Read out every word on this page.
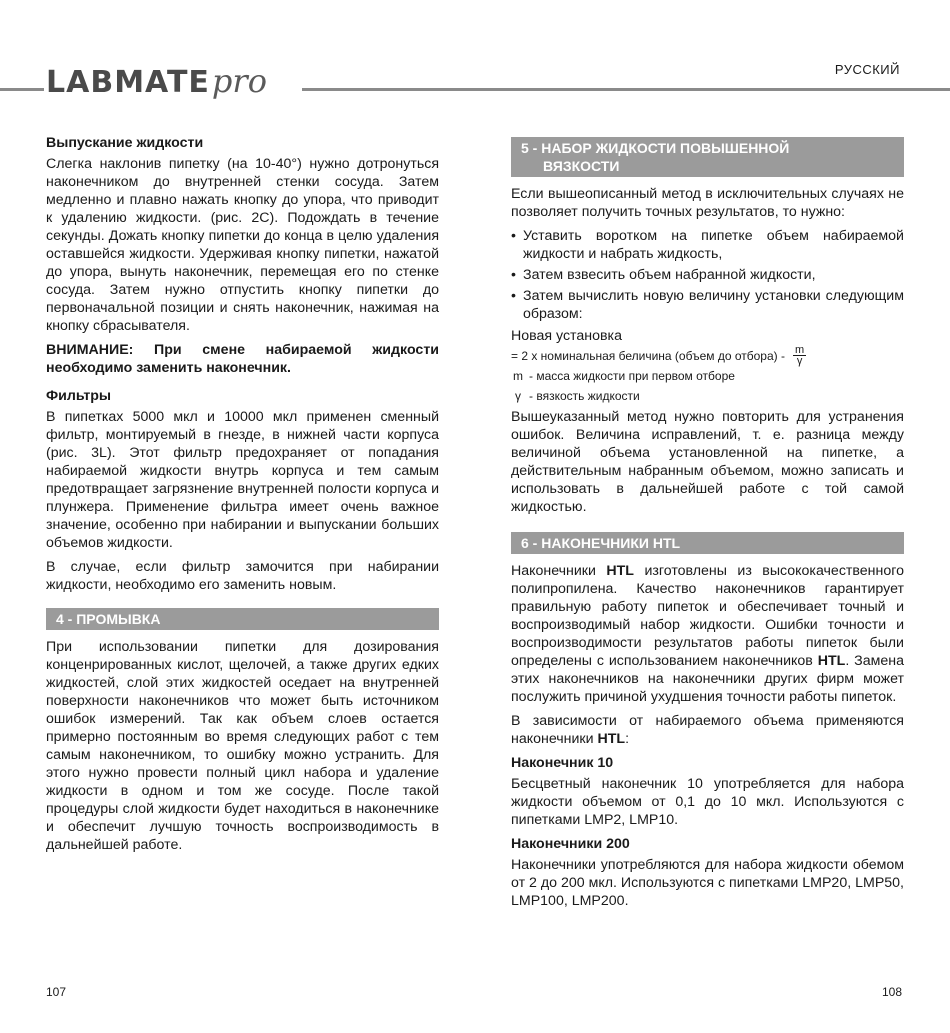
LABMATE pro	РУССКИЙ
Выпускание жидкости

Слегка наклонив пипетку (на 10-40°) нужно дотронуться наконечником до внутренней стенки сосуда. Затем медленно и плавно нажать кнопку до упора, что приводит к удалению жидкости. (рис. 2C). Подождать в течение секунды. Дожать кнопку пипетки до конца в целю удаления оставшейся жидкости. Удерживая кнопку пипетки, нажатой до упора, вынуть наконечник, перемещая его по стенке сосуда. Затем нужно отпустить кнопку пипетки до первоначальной позиции и снять наконечник, нажимая на кнопку сбрасывателя.

ВНИМАНИЕ: При смене набираемой жидкости необходимо заменить наконечник.

Фильтры

В пипетках 5000 мкл и 10000 мкл применен сменный фильтр, монтируемый в гнезде, в нижней части корпуса (рис. 3L). Этот фильтр предохраняет от попадания набираемой жидкости внутрь корпуса и тем самым предотвращает загрязнение внутренней полости корпуса и плунжера. Применение фильтра имеет очень важное значение, особенно при набирании и выпускании больших объемов жидкости.

В случае, если фильтр замочится при набирании жидкости, необходимо его заменить новым.

4 - ПРОМЫВКА

При использовании пипетки для дозирования конценрированных кислот, щелочей, а также других едких жидкостей, слой этих жидкостей оседает на внутренней поверхности наконечников что может быть источником ошибок измерений. Так как объем слоев остается примерно постоянным во время следующих работ с тем самым наконечником, то ошибку можно устранить. Для этого нужно провести полный цикл набора и удаление жидкости в одном и том же сосуде. После такой процедуры слой жидкости будет находиться в наконечнике и обеспечит лучшую точность воспроизводимость в дальнейшей работе.

5 - НАБОР ЖИДКОСТИ ПОВЫШЕННОЙ
ВЯЗКОСТИ

Если вышеописанный метод в исключительных случаях не позволяет получить точных результатов, то нужно:

• Уставить воротком на пипетке объем набираемой жидкости и набрать жидкость,
• Затем взвесить объем набранной жидкости,
• Затем вычислить новую величину установки следующим образом:
Новая установка
= 2 x номинальная беличина (объем до отбора) - $\frac{m}{\gamma}$
m - масса жидкости при первом отборе
γ - вязкость жидкости

Вышеуказанный метод нужно повторить для устранения ошибок. Величина исправлений, т. е. разница между величиной объема установленной на пипетке, а действительным набранным объемом, можно записать и использовать в дальнейшей работе с той самой жидкостью.

6 - НАКОНЕЧНИКИ HTL

Наконечники HTL изготовлены из высококачественного полипропилена. Качество наконечников гарантирует правильную работу пипеток и обеспечивает точный и воспроизводимый набор жидкости. Ошибки точности и воспроизводимости результатов работы пипеток были определены с использованием наконечников HTL. Замена этих наконечников на наконечники других фирм может послужить причиной ухудшения точности работы пипеток.

В зависимости от набираемого объема применяются наконечники HTL:

Наконечник 10

Бесцветный наконечник 10 употребляется для набора жидкости объемом от 0,1 до 10 мкл. Используются с пипетками LMP2, LMP10.

Наконечники 200

Наконечники употребляются для набора жидкости обемом от 2 до 200 мкл. Используются с пипетками LMP20, LMP50, LMP100, LMP200.

107	108
